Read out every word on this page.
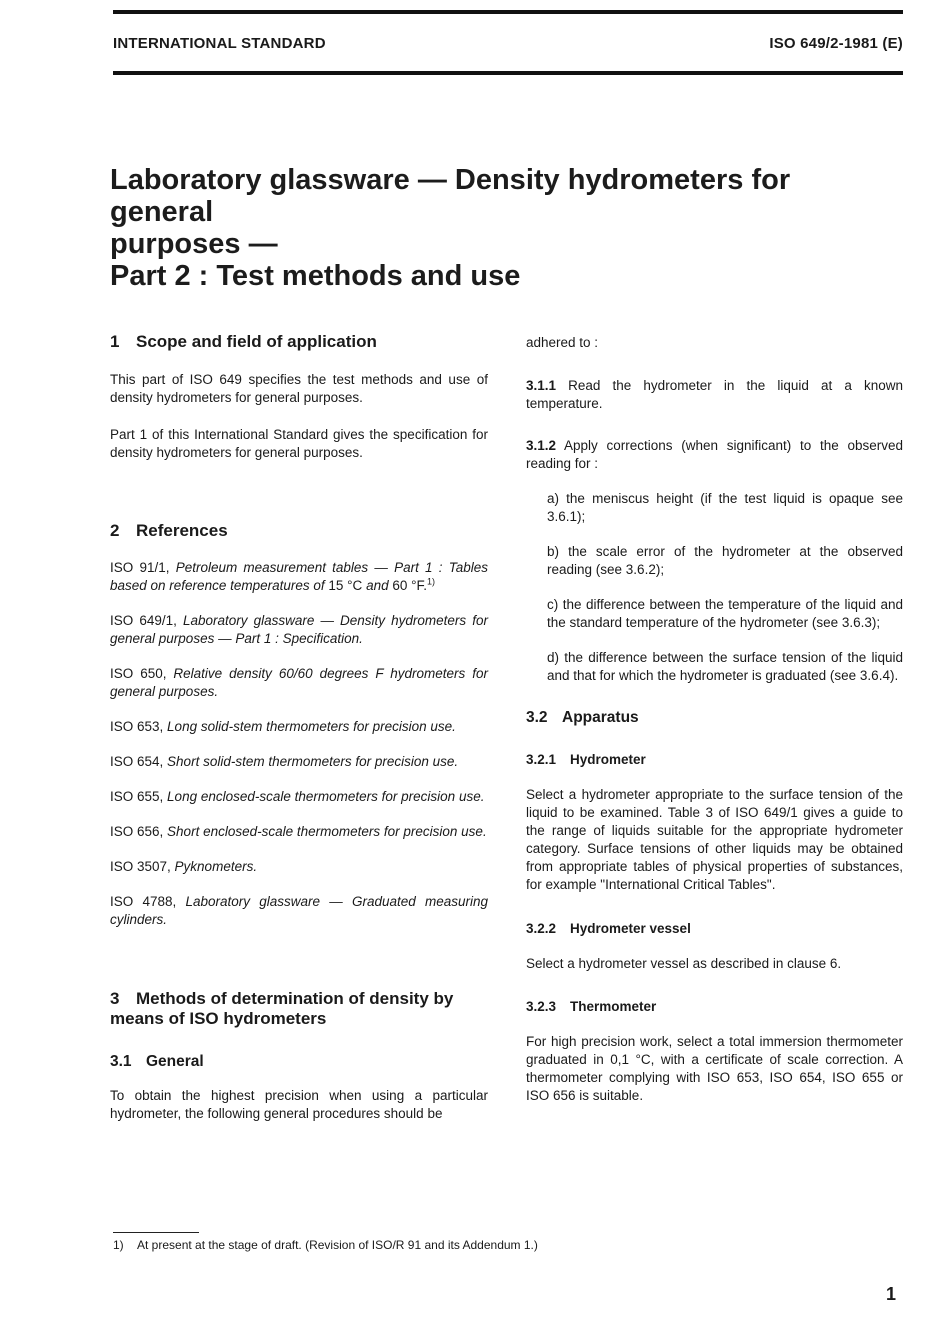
INTERNATIONAL STANDARD	ISO 649/2-1981 (E)
Laboratory glassware — Density hydrometers for general
purposes —
Part 2 : Test methods and use
1 Scope and field of application

This part of ISO 649 specifies the test methods and use of density hydrometers for general purposes.

Part 1 of this International Standard gives the specification for density hydrometers for general purposes.

2 References

ISO 91/1, Petroleum measurement tables — Part 1 : Tables based on reference temperatures of 15 °C and 60 °F.$^{1)}$

ISO 649/1, Laboratory glassware — Density hydrometers for general purposes — Part 1 : Specification.

ISO 650, Relative density 60/60 degrees F hydrometers for general purposes.

ISO 653, Long solid-stem thermometers for precision use.

ISO 654, Short solid-stem thermometers for precision use.

ISO 655, Long enclosed-scale thermometers for precision use.

ISO 656, Short enclosed-scale thermometers for precision use.

ISO 3507, Pyknometers.

ISO 4788, Laboratory glassware — Graduated measuring cylinders.

3 Methods of determination of density by
means of ISO hydrometers
3.1 General

To obtain the highest precision when using a particular hydrometer, the following general procedures should be

adhered to :

3.1.1 Read the hydrometer in the liquid at a known temperature.

3.1.2 Apply corrections (when significant) to the observed reading for :

a) the meniscus height (if the test liquid is opaque see 3.6.1);

b) the scale error of the hydrometer at the observed reading (see 3.6.2);

c) the difference between the temperature of the liquid and the standard temperature of the hydrometer (see 3.6.3);

d) the difference between the surface tension of the liquid and that for which the hydrometer is graduated (see 3.6.4).

3.2 Apparatus
3.2.1 Hydrometer

Select a hydrometer appropriate to the surface tension of the liquid to be examined. Table 3 of ISO 649/1 gives a guide to the range of liquids suitable for the appropriate hydrometer category. Surface tensions of other liquids may be obtained from appropriate tables of physical properties of substances, for example "International Critical Tables".

3.2.2 Hydrometer vessel

Select a hydrometer vessel as described in clause 6.

3.2.3 Thermometer

For high precision work, select a total immersion thermometer graduated in 0,1 °C, with a certificate of scale correction. A thermometer complying with ISO 653, ISO 654, ISO 655 or ISO 656 is suitable.

1) At present at the stage of draft. (Revision of ISO/R 91 and its Addendum 1.)
1
